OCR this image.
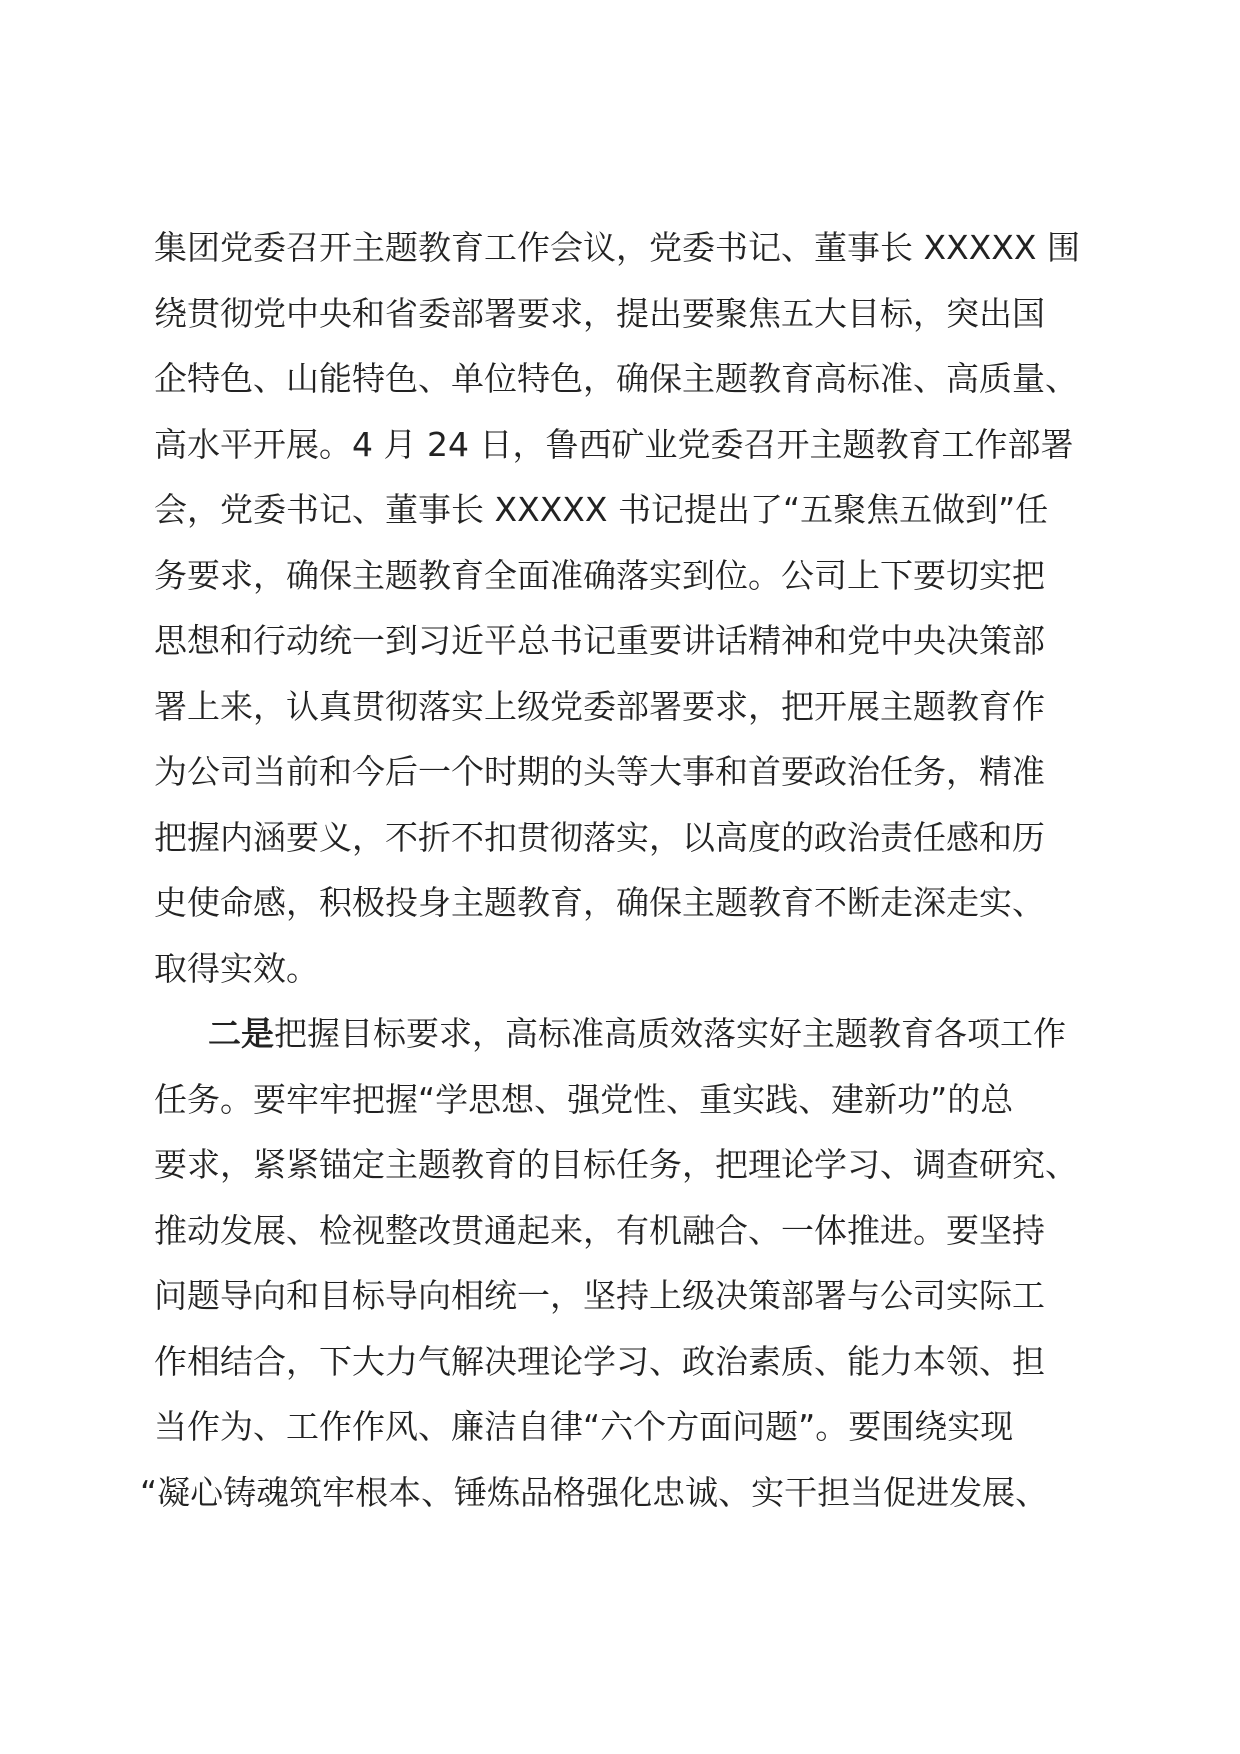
集团党委召开主题教育工作会议，党委书记、董事长 XXXXX 围
绕贯彻党中央和省委部署要求，提出要聚焦五大目标，突出国
企特色、山能特色、单位特色，确保主题教育高标准、高质量、
高水平开展。4 月 24 日，鲁西矿业党委召开主题教育工作部署
会，党委书记、董事长 XXXXX 书记提出了“五聚焦五做到”任
务要求，确保主题教育全面准确落实到位。公司上下要切实把
思想和行动统一到习近平总书记重要讲话精神和党中央决策部
署上来，认真贯彻落实上级党委部署要求，把开展主题教育作
为公司当前和今后一个时期的头等大事和首要政治任务，精准
把握内涵要义，不折不扣贯彻落实，以高度的政治责任感和历
史使命感，积极投身主题教育，确保主题教育不断走深走实、
取得实效。
二是把握目标要求，高标准高质效落实好主题教育各项工作
任务。要牢牢把握“学思想、强党性、重实践、建新功”的总
要求，紧紧锚定主题教育的目标任务，把理论学习、调查研究、
推动发展、检视整改贯通起来，有机融合、一体推进。要坚持
问题导向和目标导向相统一，坚持上级决策部署与公司实际工
作相结合，下大力气解决理论学习、政治素质、能力本领、担
当作为、工作作风、廉洁自律“六个方面问题”。要围绕实现
“凝心铸魂筑牢根本、锤炼品格强化忠诚、实干担当促进发展、
